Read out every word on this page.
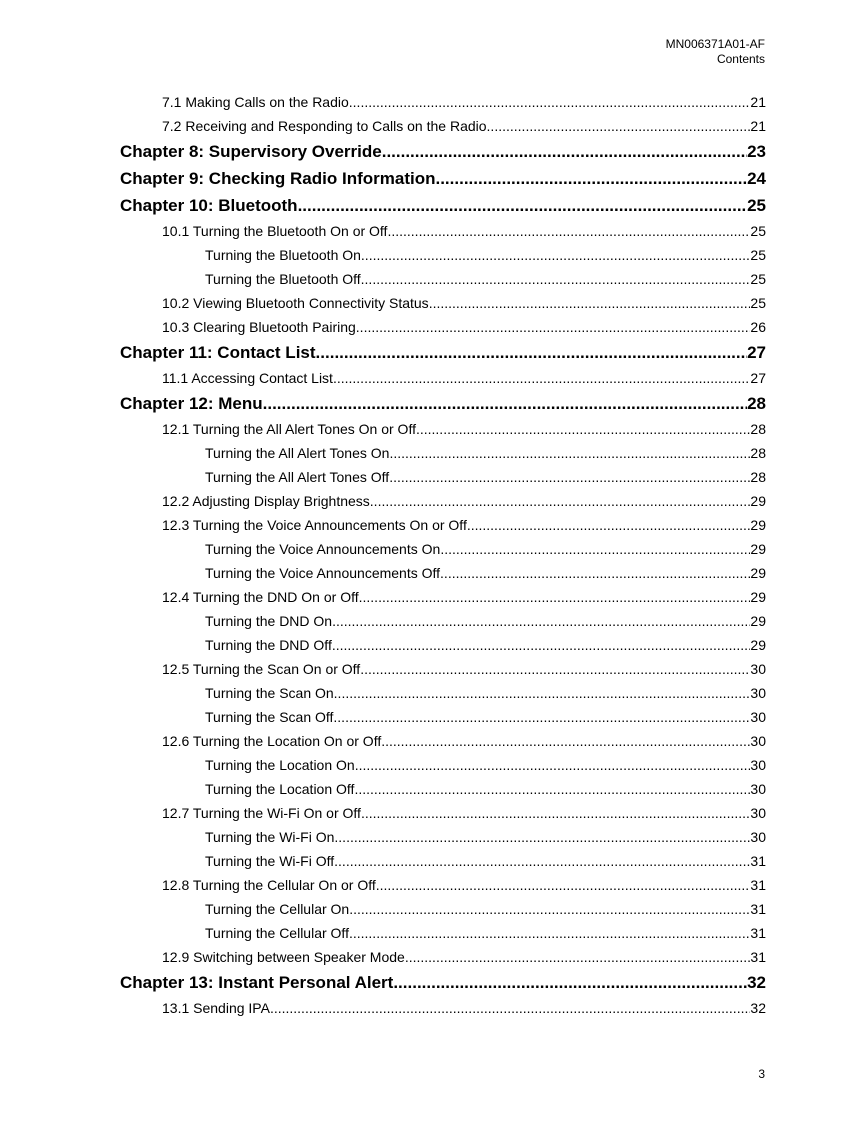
MN006371A01-AF
Contents
7.1 Making Calls on the Radio .....	21
7.2 Receiving and Responding to Calls on the Radio .....	21
Chapter 8: Supervisory Override .....	23
Chapter 9: Checking Radio Information .....	24
Chapter 10: Bluetooth .....	25
10.1 Turning the Bluetooth On or Off .....	25
Turning the Bluetooth On .....	25
Turning the Bluetooth Off .....	25
10.2 Viewing Bluetooth Connectivity Status .....	25
10.3 Clearing Bluetooth Pairing .....	26
Chapter 11: Contact List .....	27
11.1 Accessing Contact List .....	27
Chapter 12: Menu .....	28
12.1 Turning the All Alert Tones On or Off .....	28
Turning the All Alert Tones On .....	28
Turning the All Alert Tones Off .....	28
12.2 Adjusting Display Brightness .....	29
12.3 Turning the Voice Announcements On or Off .....	29
Turning the Voice Announcements On .....	29
Turning the Voice Announcements Off .....	29
12.4 Turning the DND On or Off .....	29
Turning the DND On .....	29
Turning the DND Off .....	29
12.5 Turning the Scan On or Off .....	30
Turning the Scan On .....	30
Turning the Scan Off .....	30
12.6 Turning the Location On or Off .....	30
Turning the Location On .....	30
Turning the Location Off .....	30
12.7 Turning the Wi-Fi On or Off .....	30
Turning the Wi-Fi On .....	30
Turning the Wi-Fi Off .....	31
12.8 Turning the Cellular On or Off .....	31
Turning the Cellular On .....	31
Turning the Cellular Off .....	31
12.9 Switching between Speaker Mode .....	31
Chapter 13: Instant Personal Alert .....	32
13.1 Sending IPA .....	32
3
